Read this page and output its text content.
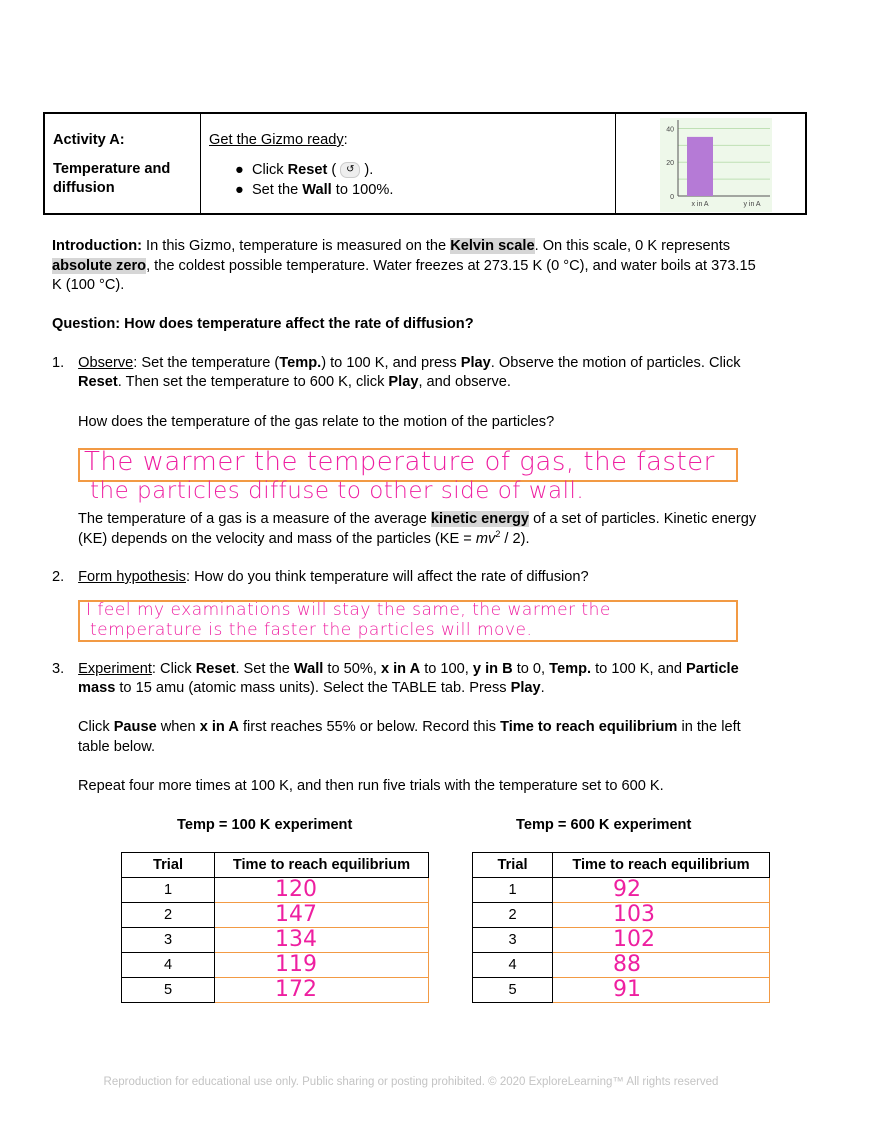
Activity A:
Temperature and diffusion
Get the Gizmo ready:
●  Click Reset ( ↺ ).
●  Set the Wall to 100%.	0
20
40
x in A	y in A
Introduction: In this Gizmo, temperature is measured on the Kelvin scale. On this scale, 0 K represents
absolute zero, the coldest possible temperature. Water freezes at 273.15 K (0 °C), and water boils at 373.15
K (100 °C).
Question: How does temperature affect the rate of diffusion?
1. Observe: Set the temperature (Temp.) to 100 K, and press Play. Observe the motion of particles. Click
Reset. Then set the temperature to 600 K, click Play, and observe.
How does the temperature of the gas relate to the motion of the particles?
The warmer the temperature of gas, the faster
the particles diffuse to other side of wall.
The temperature of a gas is a measure of the average kinetic energy of a set of particles. Kinetic energy
(KE) depends on the velocity and mass of the particles $(KE = mv^2 / 2)$.
2. Form hypothesis: How do you think temperature will affect the rate of diffusion?
I feel my examinations will stay the same, the warmer the
temperature is the faster the particles will move.
3. Experiment: Click Reset. Set the Wall to 50%, x in A to 100, y in B to 0, Temp. to 100 K, and Particle
mass to 15 amu (atomic mass units). Select the TABLE tab. Press Play.
Click Pause when x in A first reaches 55% or below. Record this Time to reach equilibrium in the left
table below.
Repeat four more times at 100 K, and then run five trials with the temperature set to 600 K.
Temp = 100 K experiment	Temp = 600 K experiment
Trial	Time to reach equilibrium
1	120
2	147
3	134
4	119
5	172
Trial	Time to reach equilibrium
1	92
2	103
3	102
4	88
5	91
Reproduction for educational use only. Public sharing or posting prohibited. © 2020 ExploreLearning™ All rights reserved
